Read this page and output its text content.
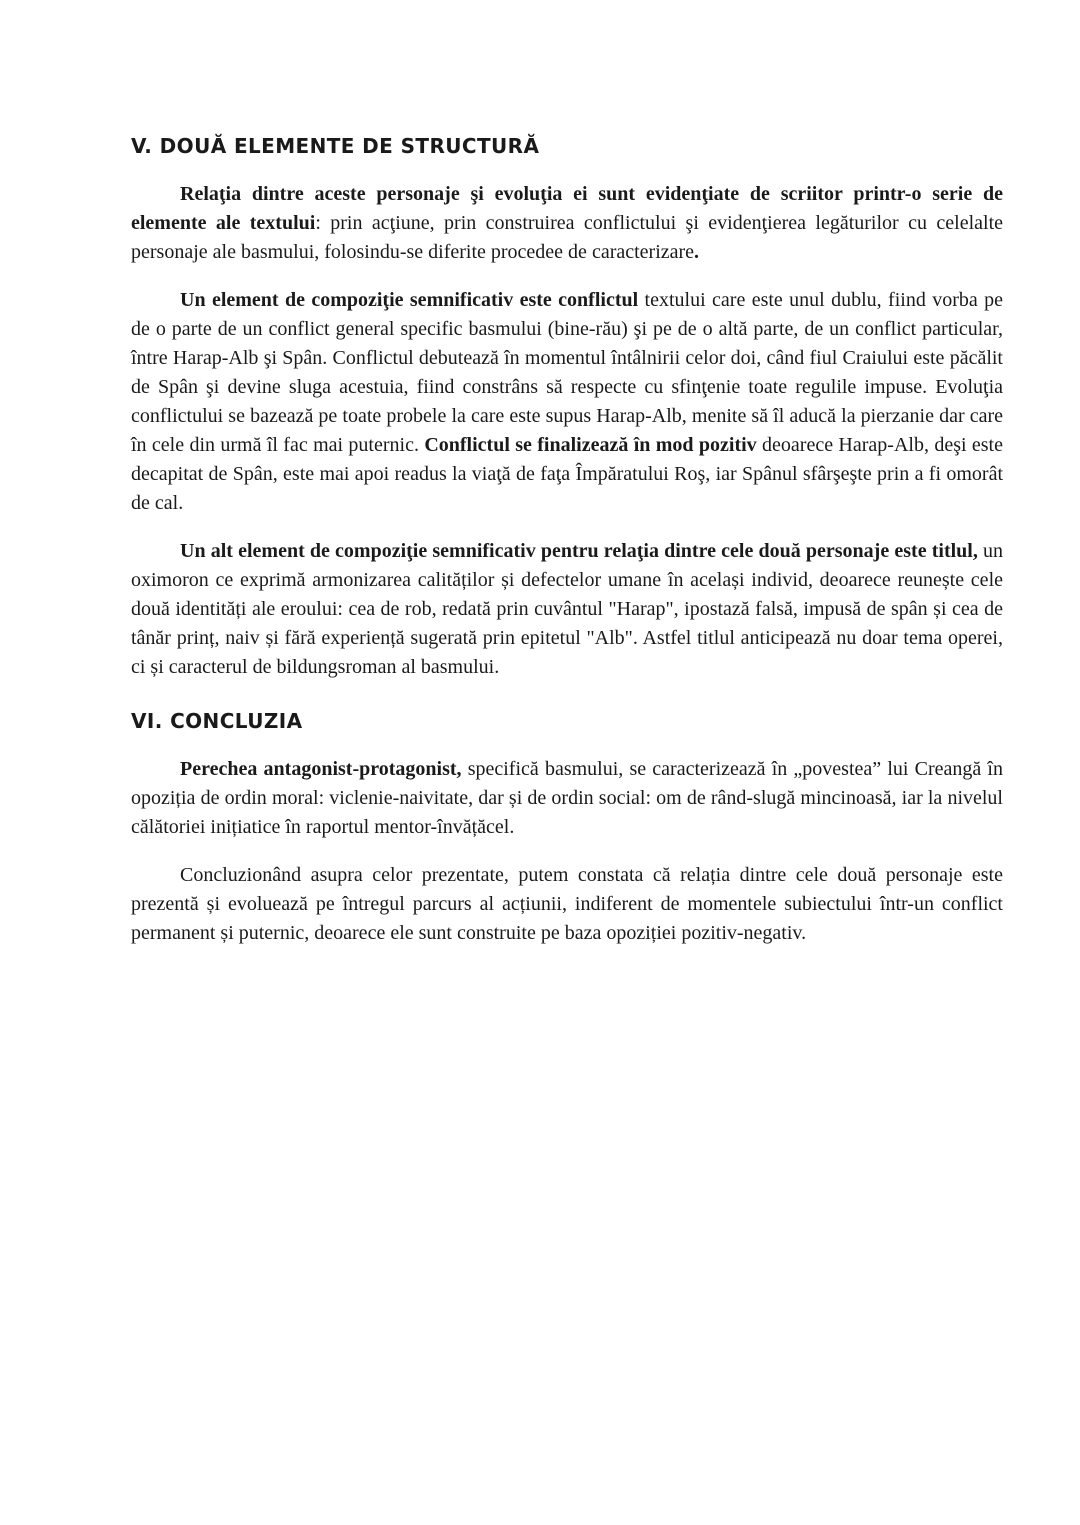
V. DOUĂ ELEMENTE DE STRUCTURĂ

Relaţia dintre aceste personaje şi evoluţia ei sunt evidenţiate de scriitor printr-o serie de elemente ale textului: prin acţiune, prin construirea conflictului şi evidenţierea legăturilor cu celelalte personaje ale basmului, folosindu-se diferite procedee de caracterizare.

Un element de compoziţie semnificativ este conflictul textului care este unul dublu, fiind vorba pe de o parte de un conflict general specific basmului (bine-rău) şi pe de o altă parte, de un conflict particular, între Harap-Alb şi Spân. Conflictul debutează în momentul întâlnirii celor doi, când fiul Craiului este păcălit de Spân şi devine sluga acestuia, fiind constrâns să respecte cu sfinţenie toate regulile impuse. Evoluţia conflictului se bazează pe toate probele la care este supus Harap-Alb, menite să îl aducă la pierzanie dar care în cele din urmă îl fac mai puternic. Conflictul se finalizează în mod pozitiv deoarece Harap-Alb, deşi este decapitat de Spân, este mai apoi readus la viaţă de faţa Împăratului Roş, iar Spânul sfârşeşte prin a fi omorât de cal.

Un alt element de compoziţie semnificativ pentru relaţia dintre cele două personaje este titlul, un oximoron ce exprimă armonizarea calităților și defectelor umane în același individ, deoarece reunește cele două identități ale eroului: cea de rob, redată prin cuvântul "Harap", ipostază falsă, impusă de spân și cea de tânăr prinț, naiv și fără experiență sugerată prin epitetul "Alb". Astfel titlul anticipează nu doar tema operei, ci și caracterul de bildungsroman al basmului.

VI. CONCLUZIA

Perechea antagonist-protagonist, specifică basmului, se caracterizează în „povestea” lui Creangă în opoziția de ordin moral: viclenie-naivitate, dar și de ordin social: om de rând-slugă mincinoasă, iar la nivelul călătoriei inițiatice în raportul mentor-învățăcel.

Concluzionând asupra celor prezentate, putem constata că relația dintre cele două personaje este prezentă și evoluează pe întregul parcurs al acțiunii, indiferent de momentele subiectului într-un conflict permanent și puternic, deoarece ele sunt construite pe baza opoziției pozitiv-negativ.
